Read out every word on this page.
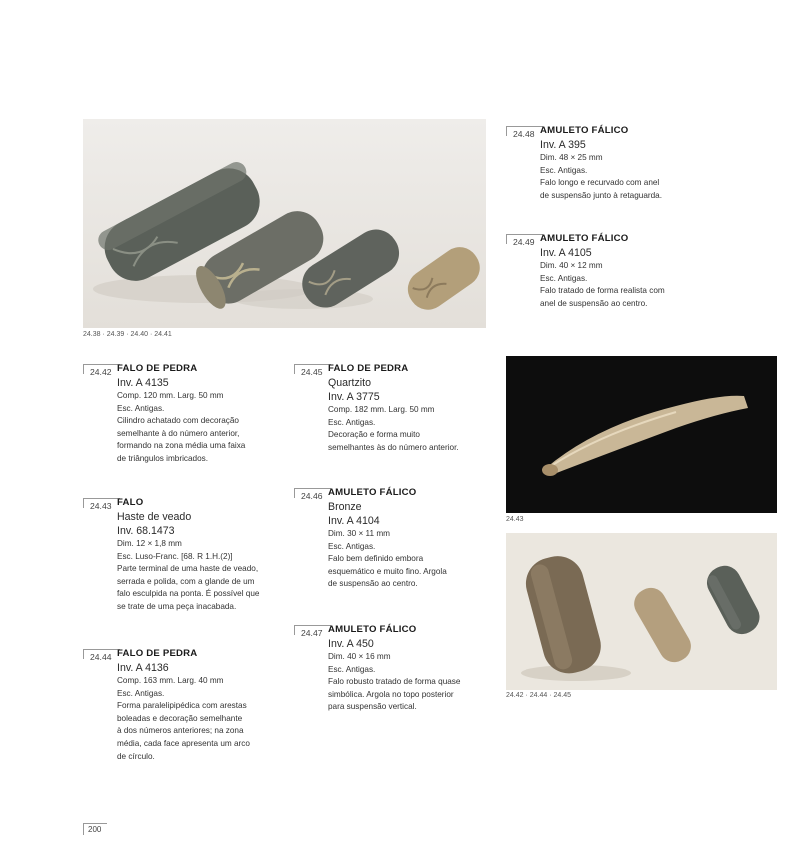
24.38 · 24.39 · 24.40 · 24.41
24.43
24.42 · 24.44 · 24.45
24.48 AMULETO FÁLICO
Inv. A 395
Dim. 48 × 25 mm
Esc. Antigas.
Falo longo e recurvado com anel
de suspensão junto à retaguarda.
24.49 AMULETO FÁLICO
Inv. A 4105
Dim. 40 × 12 mm
Esc. Antigas.
Falo tratado de forma realista com
anel de suspensão ao centro.
24.42 FALO DE PEDRA
Inv. A 4135
Comp. 120 mm. Larg. 50 mm
Esc. Antigas.
Cilindro achatado com decoração
semelhante à do número anterior,
formando na zona média uma faixa
de triângulos imbricados.
24.43 FALO
Haste de veado
Inv. 68.1473
Dim. 12 × 1,8 mm
Esc. Luso-Franc. [68. R 1.H.(2)]
Parte terminal de uma haste de veado,
serrada e polida, com a glande de um
falo esculpida na ponta. É possível que
se trate de uma peça inacabada.
24.44 FALO DE PEDRA
Inv. A 4136
Comp. 163 mm. Larg. 40 mm
Esc. Antigas.
Forma paralelipipédica com arestas
boleadas e decoração semelhante
à dos números anteriores; na zona
média, cada face apresenta um arco
de círculo.
24.45 FALO DE PEDRA
Quartzito
Inv. A 3775
Comp. 182 mm. Larg. 50 mm
Esc. Antigas.
Decoração e forma muito
semelhantes às do número anterior.
24.46 AMULETO FÁLICO
Bronze
Inv. A 4104
Dim. 30 × 11 mm
Esc. Antigas.
Falo bem definido embora
esquemático e muito fino. Argola
de suspensão ao centro.
24.47 AMULETO FÁLICO
Inv. A 450
Dim. 40 × 16 mm
Esc. Antigas.
Falo robusto tratado de forma quase
simbólica. Argola no topo posterior
para suspensão vertical.
200
